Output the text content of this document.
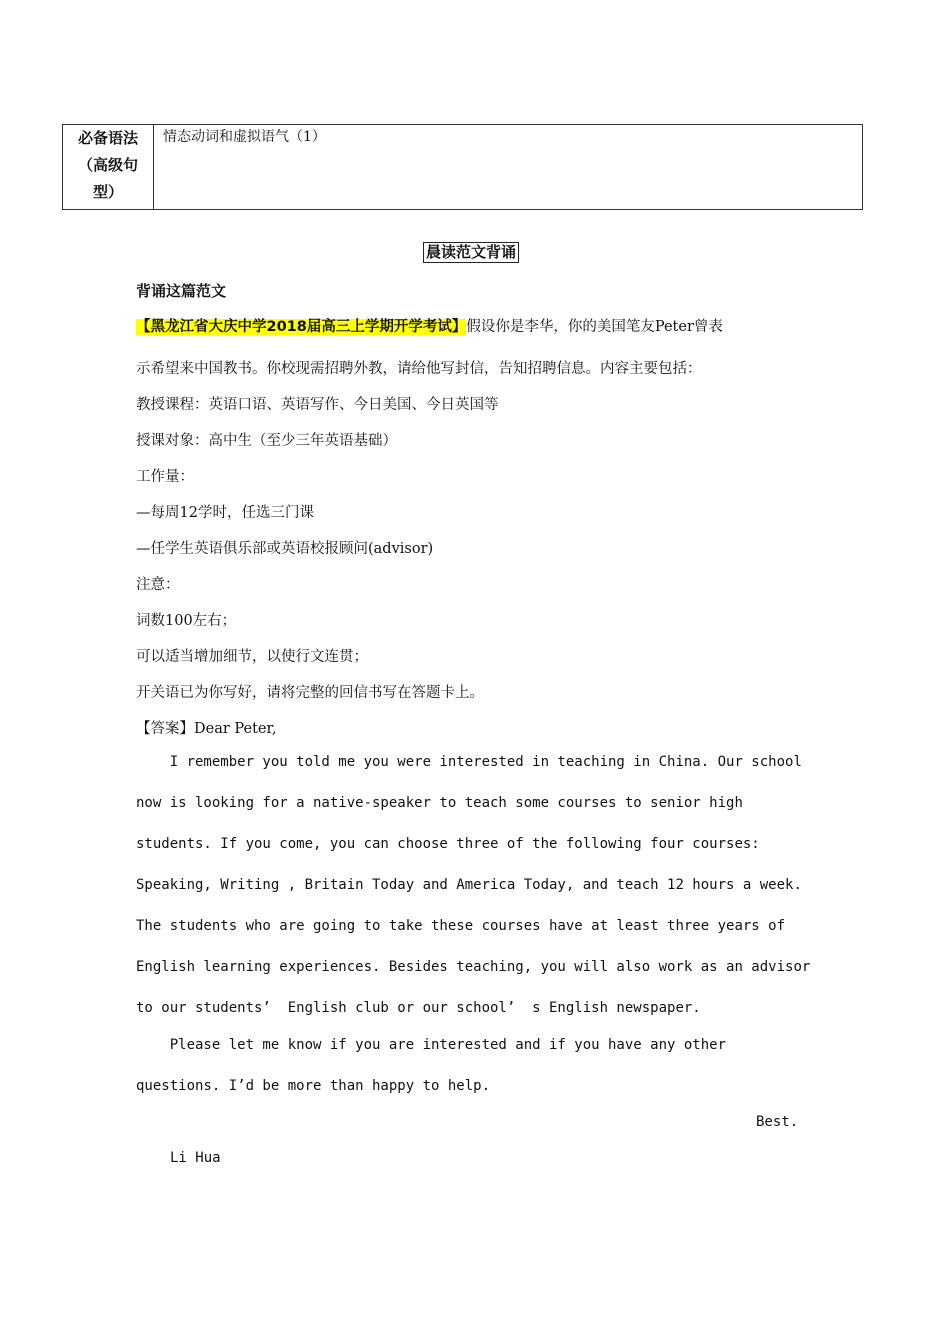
必备语法
（高级句
型）
情态动词和虚拟语气（1）
晨读范文背诵
背诵这篇范文
【黑龙江省大庆中学2018届高三上学期开学考试】假设你是李华，你的美国笔友Peter曾表
示希望来中国教书。你校现需招聘外教，请给他写封信，告知招聘信息。内容主要包括：
教授课程：英语口语、英语写作、今日美国、今日英国等
授课对象：高中生（至少三年英语基础）
工作量：
—每周12学时，任选三门课
—任学生英语俱乐部或英语校报顾问(advisor)
注意：
词数100左右；
可以适当增加细节，以使行文连贯；
开关语已为你写好，请将完整的回信书写在答题卡上。
【答案】Dear Peter,
I remember you told me you were interested in teaching in China. Our school
now is looking for a native-speaker to teach some courses to senior high
students. If you come, you can choose three of the following four courses:
Speaking, Writing , Britain Today and America Today, and teach 12 hours a week.
The students who are going to take these courses have at least three years of
English learning experiences. Besides teaching, you will also work as an advisor
to our students’  English club or our school’  s English newspaper.
Please let me know if you are interested and if you have any other
questions. I’d be more than happy to help.
Best.
Li Hua
